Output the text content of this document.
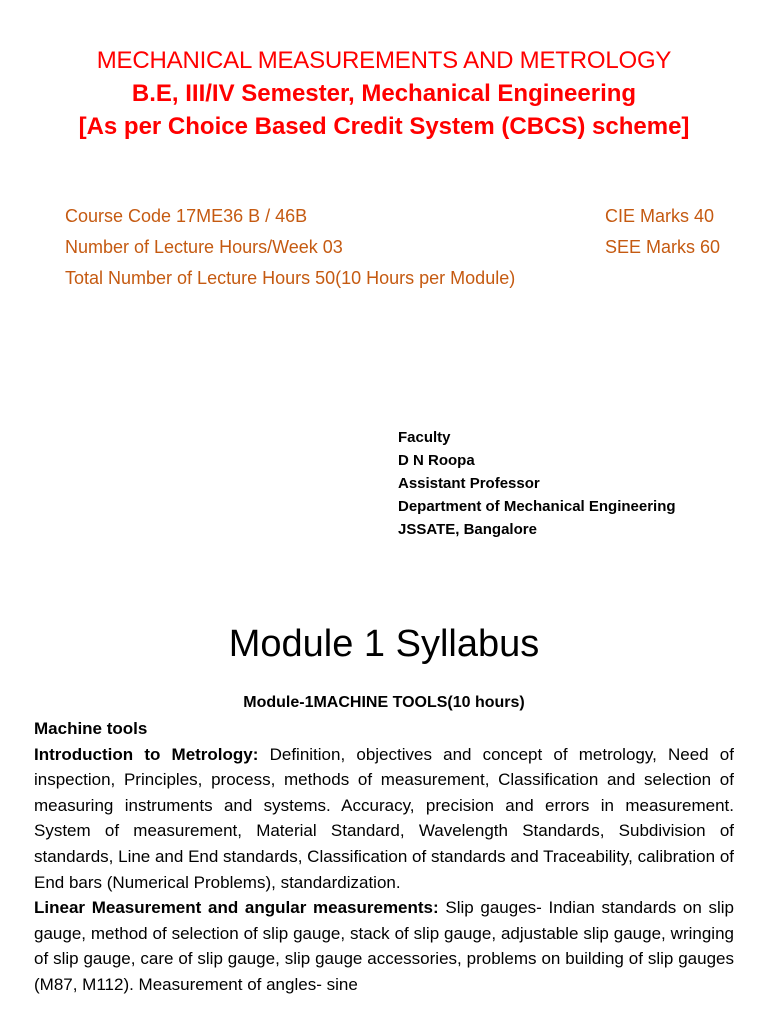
MECHANICAL MEASUREMENTS AND METROLOGY
B.E, III/IV Semester, Mechanical Engineering
[As per Choice Based Credit System (CBCS) scheme]
Course Code 17ME36 B / 46B	CIE Marks 40
Number of Lecture Hours/Week 03	SEE Marks 60
Total Number of Lecture Hours 50(10 Hours per Module)
Faculty
D N Roopa
Assistant Professor
Department of Mechanical Engineering
JSSATE, Bangalore
Module 1 Syllabus
Module-1MACHINE TOOLS(10 hours)

Machine tools

Introduction to Metrology: Definition, objectives and concept of metrology, Need of inspection, Principles, process, methods of measurement, Classification and selection of measuring instruments and systems. Accuracy, precision and errors in measurement. System of measurement, Material Standard, Wavelength Standards, Subdivision of standards, Line and End standards, Classification of standards and Traceability, calibration of End bars (Numerical Problems), standardization.

Linear Measurement and angular measurements: Slip gauges- Indian standards on slip gauge, method of selection of slip gauge, stack of slip gauge, adjustable slip gauge, wringing of slip gauge, care of slip gauge, slip gauge accessories, problems on building of slip gauges (M87, M112). Measurement of angles- sine
